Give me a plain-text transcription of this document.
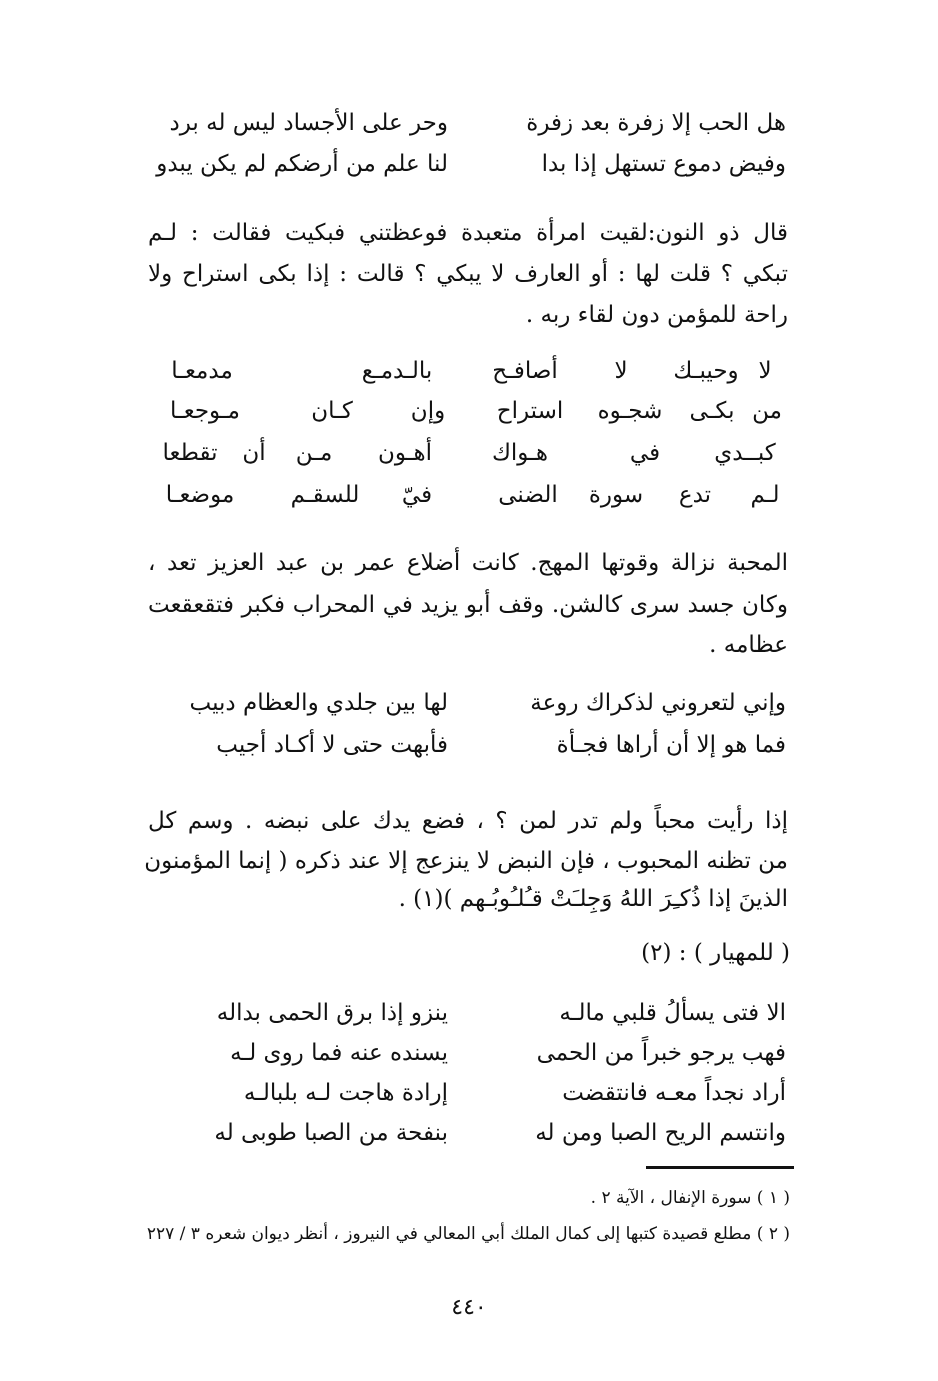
هل الحب إلا زفرة بعد زفرة
وحر على الأجساد ليس له برد
وفيض دموع تستهل إذا بدا
لنا علم من أرضكم لم يكن يبدو
قال ذو النون:لقيت امرأة متعبدة فوعظتني فبكيت فقالت : لـم
تبكي ؟ قلت لها : أو العارف لا يبكي ؟ قالت : إذا بكى استراح ولا
راحة للمؤمن دون لقاء ربه .
لا
وحيبـك
لا
أصافـح
بالـدمـع
مدمعـا
من
بكـى
شجـوه
استراح
وإن
كـان
مـوجعـا
كبــدي
في
هـواك
أهـون
مـن
أن
تقطعا
لـم
تدع
سورة
الضنى
فيّ
للسقـم
موضعـا
المحبة نزالة وقوتها المهج. كانت أضلاع عمر بن عبد العزيز تعد ،
وكان جسد سرى كالشن. وقف أبو يزيد في المحراب فكبر فتقعقعت
عظامه .
وإني لتعروني لذكراك روعة
لها بين جلدي والعظام دبيب
فما هو إلا أن أراها فجـأة
فأبهت حتى لا أكـاد أجيب
إذا رأيت محباً ولم تدر لمن ؟ ، فضع يدك على نبضه . وسم كل
من تظنه المحبوب ، فإن النبض لا ينزعج إلا عند ذكره ( إنما المؤمنون
الذينَ إذا ذُكـِرَ اللهُ وَجِلـَتْ قـُلـُوبُـهم )(١) .
( للمهيار ) : (٢)
الا فتى يسألُ قلبي مالـه
ينزو إذا برق الحمى بداله
فهب يرجو خبراً من الحمى
يسنده عنه فما روى لـه
أراد نجداً معـه فانتقضت
إرادة هاجت لـه بلبالـه
وانتسم الريح الصبا ومن له
بنفحة من الصبا طوبى له
( ١ ) سورة الإنفال ، الآية ٢ .
( ٢ ) مطلع قصيدة كتبها إلى كمال الملك أبي المعالي في النيروز ، أنظر ديوان شعره ٣ / ٢٢٧
٤٤٠
